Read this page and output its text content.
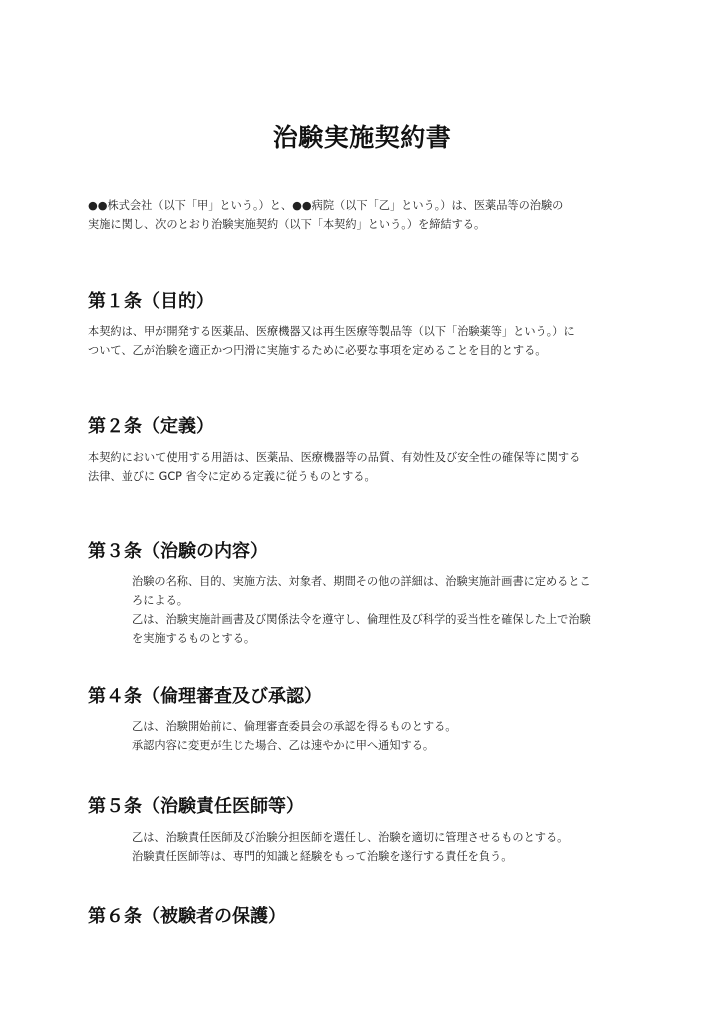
治験実施契約書
●●株式会社（以下「甲」という。）と、●●病院（以下「乙」という。）は、医薬品等の治験の
実施に関し、次のとおり治験実施契約（以下「本契約」という。）を締結する。
第１条（目的）
本契約は、甲が開発する医薬品、医療機器又は再生医療等製品等（以下「治験薬等」という。）に
ついて、乙が治験を適正かつ円滑に実施するために必要な事項を定めることを目的とする。
第２条（定義）
本契約において使用する用語は、医薬品、医療機器等の品質、有効性及び安全性の確保等に関する
法律、並びに GCP 省令に定める定義に従うものとする。
第３条（治験の内容）
治験の名称、目的、実施方法、対象者、期間その他の詳細は、治験実施計画書に定めるとこ
ろによる。
乙は、治験実施計画書及び関係法令を遵守し、倫理性及び科学的妥当性を確保した上で治験
を実施するものとする。
第４条（倫理審査及び承認）
乙は、治験開始前に、倫理審査委員会の承認を得るものとする。
承認内容に変更が生じた場合、乙は速やかに甲へ通知する。
第５条（治験責任医師等）
乙は、治験責任医師及び治験分担医師を選任し、治験を適切に管理させるものとする。
治験責任医師等は、専門的知識と経験をもって治験を遂行する責任を負う。
第６条（被験者の保護）
